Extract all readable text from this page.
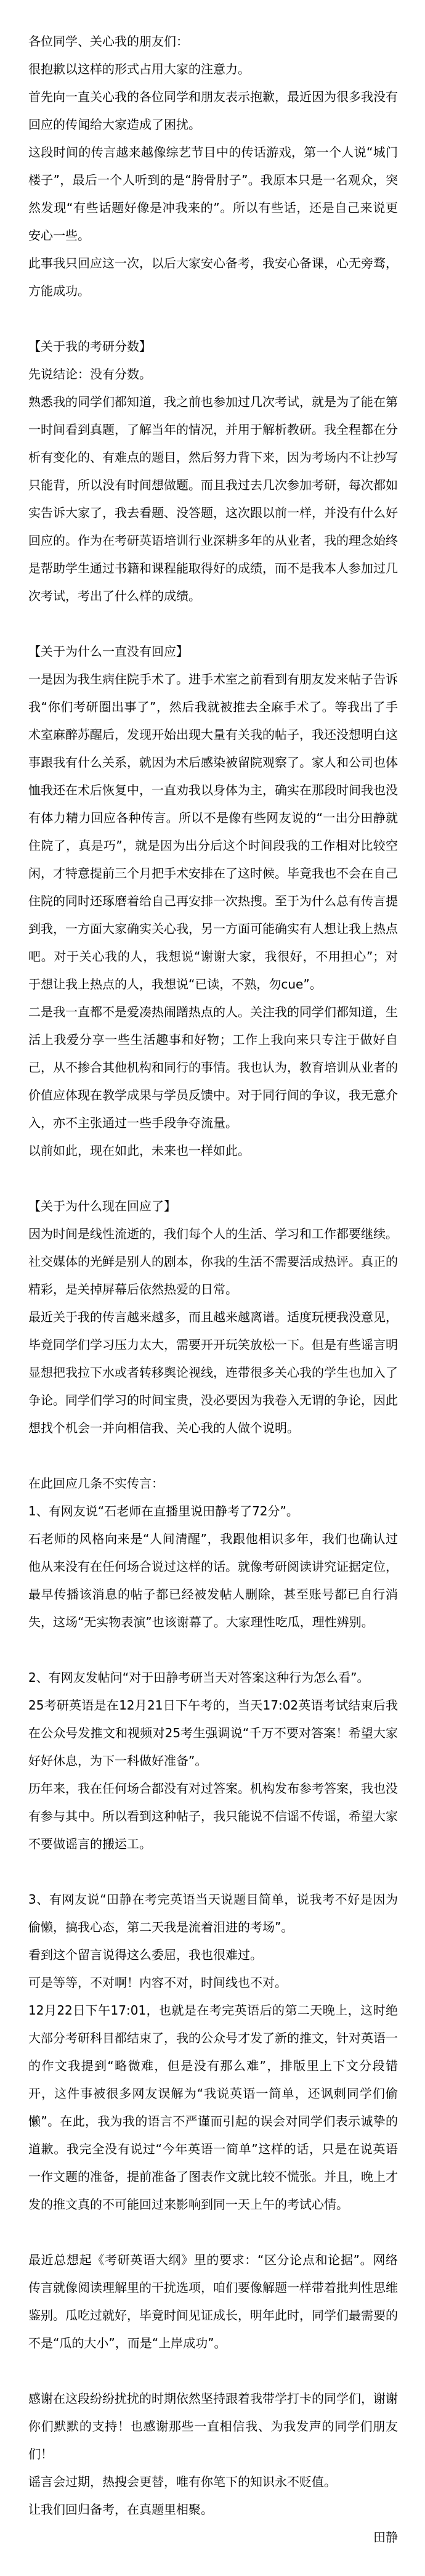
各位同学、关心我的朋友们：

很抱歉以这样的形式占用大家的注意力。

首先向一直关心我的各位同学和朋友表示抱歉，最近因为很多我没有回应的传闻给大家造成了困扰。

这段时间的传言越来越像综艺节目中的传话游戏，第一个人说“城门楼子”，最后一个人听到的是“胯骨肘子”。我原本只是一名观众，突然发现“有些话题好像是冲我来的”。所以有些话，还是自己来说更安心一些。

此事我只回应这一次，以后大家安心备考，我安心备课，心无旁骛，方能成功。

【关于我的考研分数】

先说结论：没有分数。

熟悉我的同学们都知道，我之前也参加过几次考试，就是为了能在第一时间看到真题，了解当年的情况，并用于解析教研。我全程都在分析有变化的、有难点的题目，然后努力背下来，因为考场内不让抄写只能背，所以没有时间想做题。而且我过去几次参加考研，每次都如实告诉大家了，我去看题、没答题，这次跟以前一样，并没有什么好回应的。作为在考研英语培训行业深耕多年的从业者，我的理念始终是帮助学生通过书籍和课程能取得好的成绩，而不是我本人参加过几次考试，考出了什么样的成绩。

【关于为什么一直没有回应】

一是因为我生病住院手术了。进手术室之前看到有朋友发来帖子告诉我“你们考研圈出事了”，然后我就被推去全麻手术了。等我出了手术室麻醉苏醒后，发现开始出现大量有关我的帖子，我还没想明白这事跟我有什么关系，就因为术后感染被留院观察了。家人和公司也体恤我还在术后恢复中，一直劝我以身体为主，确实在那段时间我也没有体力精力回应各种传言。所以不是像有些网友说的“一出分田静就住院了，真是巧”，就是因为出分后这个时间段我的工作相对比较空闲，才特意提前三个月把手术安排在了这时候。毕竟我也不会在自己住院的同时还琢磨着给自己再安排一次热搜。至于为什么总有传言提到我，一方面大家确实关心我，另一方面可能确实有人想让我上热点吧。对于关心我的人，我想说“谢谢大家，我很好，不用担心”；对于想让我上热点的人，我想说“已读，不熟，勿cue”。

二是我一直都不是爱凑热闹蹭热点的人。关注我的同学们都知道，生活上我爱分享一些生活趣事和好物；工作上我向来只专注于做好自己，从不掺合其他机构和同行的事情。我也认为，教育培训从业者的价值应体现在教学成果与学员反馈中。对于同行间的争议，我无意介入，亦不主张通过一些手段争夺流量。

以前如此，现在如此，未来也一样如此。

【关于为什么现在回应了】

因为时间是线性流逝的，我们每个人的生活、学习和工作都要继续。社交媒体的光鲜是别人的剧本，你我的生活不需要活成热评。真正的精彩，是关掉屏幕后依然热爱的日常。

最近关于我的传言越来越多，而且越来越离谱。适度玩梗我没意见，毕竟同学们学习压力太大，需要开开玩笑放松一下。但是有些谣言明显想把我拉下水或者转移舆论视线，连带很多关心我的学生也加入了争论。同学们学习的时间宝贵，没必要因为我卷入无谓的争论，因此想找个机会一并向相信我、关心我的人做个说明。

在此回应几条不实传言：

1、有网友说“石老师在直播里说田静考了72分”。

石老师的风格向来是“人间清醒”，我跟他相识多年，我们也确认过他从来没有在任何场合说过这样的话。就像考研阅读讲究证据定位，最早传播该消息的帖子都已经被发帖人删除，甚至账号都已自行消失，这场“无实物表演”也该谢幕了。大家理性吃瓜，理性辨别。

2、有网友发帖问“对于田静考研当天对答案这种行为怎么看”。

25考研英语是在12月21日下午考的，当天17:02英语考试结束后我在公众号发推文和视频对25考生强调说“千万不要对答案！希望大家好好休息，为下一科做好准备”。

历年来，我在任何场合都没有对过答案。机构发布参考答案，我也没有参与其中。所以看到这种帖子，我只能说不信谣不传谣，希望大家不要做谣言的搬运工。

3、有网友说“田静在考完英语当天说题目简单，说我考不好是因为偷懒，搞我心态，第二天我是流着泪进的考场”。

看到这个留言说得这么委屈，我也很难过。

可是等等，不对啊！内容不对，时间线也不对。

12月22日下午17:01，也就是在考完英语后的第二天晚上，这时绝大部分考研科目都结束了，我的公众号才发了新的推文，针对英语一的作文我提到“略微难，但是没有那么难”，排版里上下文分段错开，这件事被很多网友误解为“我说英语一简单，还讽刺同学们偷懒”。在此，我为我的语言不严谨而引起的误会对同学们表示诚挚的道歉。我完全没有说过“今年英语一简单”这样的话，只是在说英语一作文题的准备，提前准备了图表作文就比较不慌张。并且，晚上才发的推文真的不可能回过来影响到同一天上午的考试心情。

最近总想起《考研英语大纲》里的要求：“区分论点和论据”。网络传言就像阅读理解里的干扰选项，咱们要像解题一样带着批判性思维鉴别。瓜吃过就好，毕竟时间见证成长，明年此时，同学们最需要的不是“瓜的大小”，而是“上岸成功”。

感谢在这段纷纷扰扰的时期依然坚持跟着我带学打卡的同学们，谢谢你们默默的支持！也感谢那些一直相信我、为我发声的同学们朋友们！

谣言会过期，热搜会更替，唯有你笔下的知识永不贬值。

让我们回归备考，在真题里相聚。

田静
